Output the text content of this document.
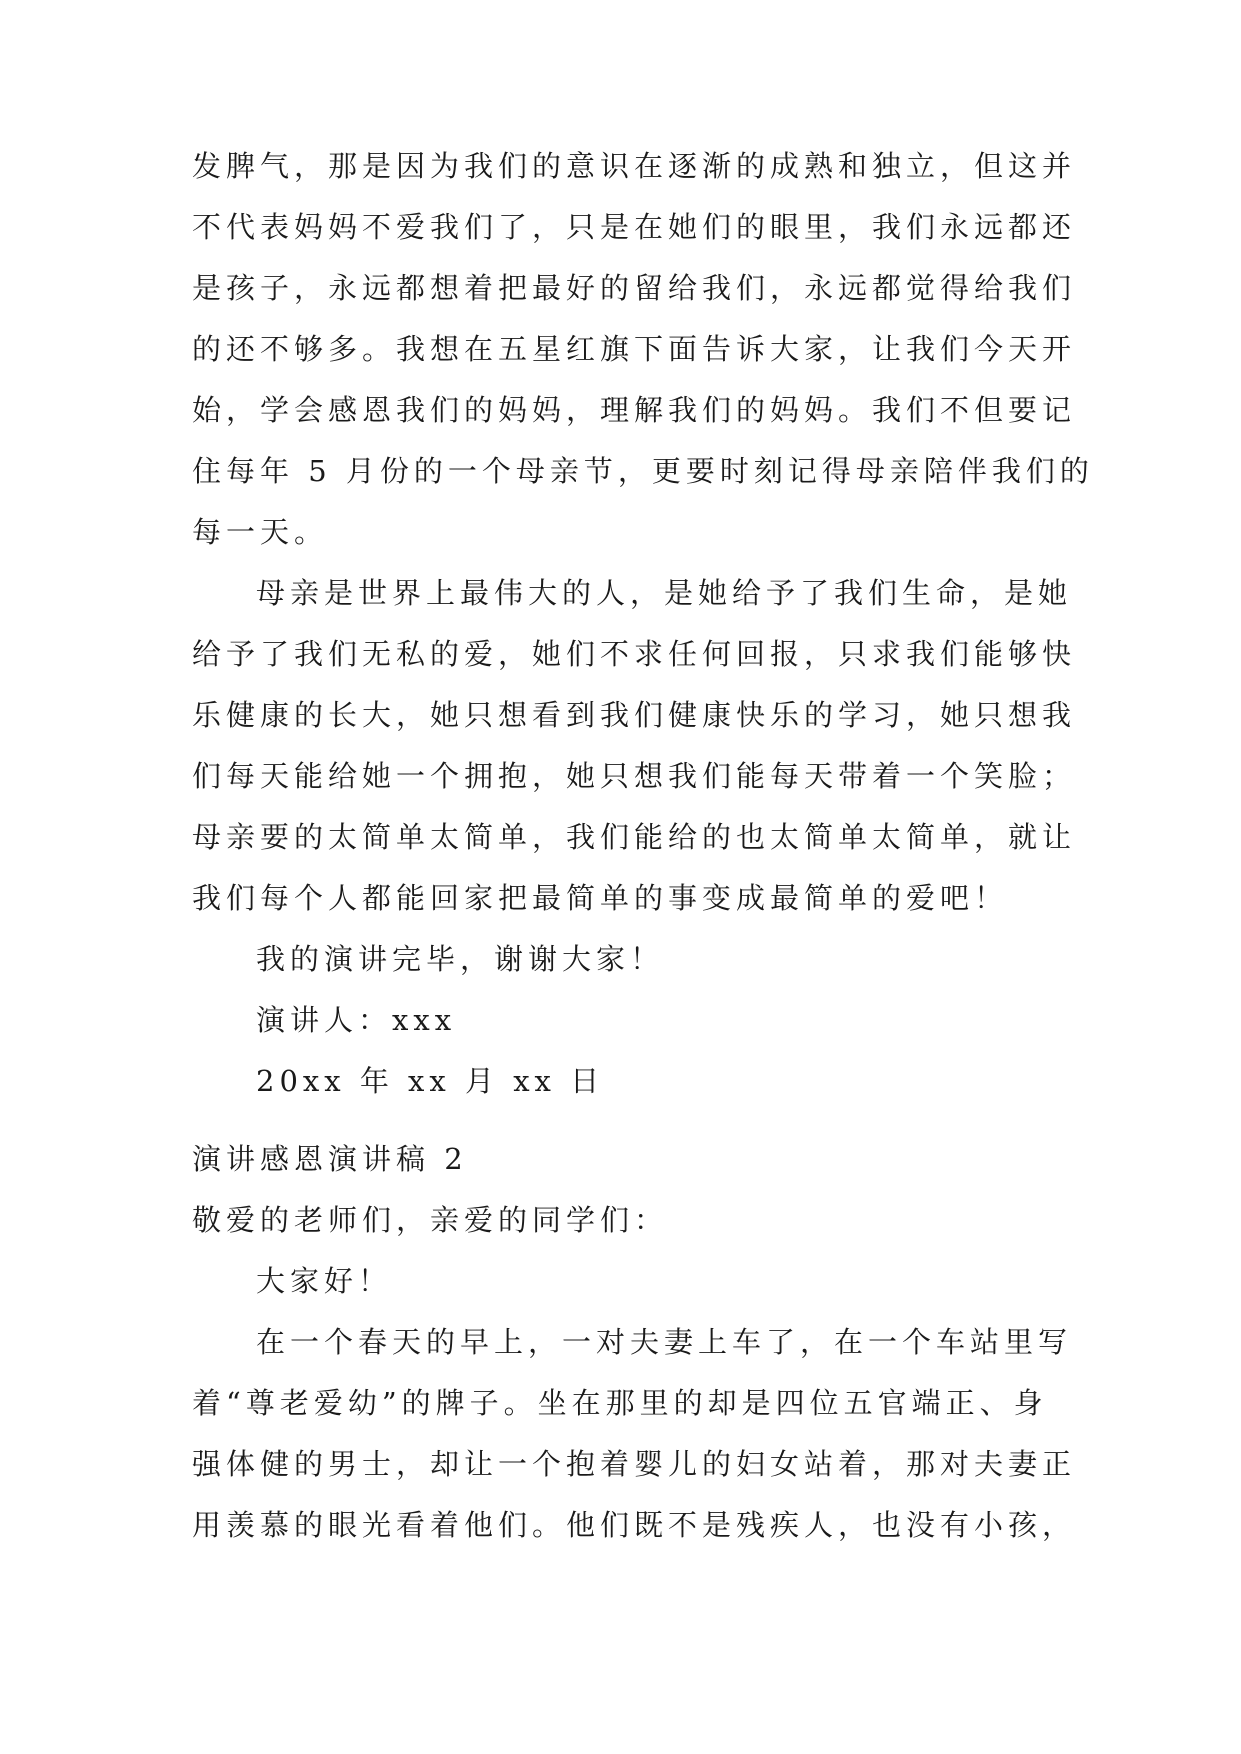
发脾气，那是因为我们的意识在逐渐的成熟和独立，但这并
不代表妈妈不爱我们了，只是在她们的眼里，我们永远都还
是孩子，永远都想着把最好的留给我们，永远都觉得给我们
的还不够多。我想在五星红旗下面告诉大家，让我们今天开
始，学会感恩我们的妈妈，理解我们的妈妈。我们不但要记
住每年 5 月份的一个母亲节，更要时刻记得母亲陪伴我们的
每一天。
母亲是世界上最伟大的人，是她给予了我们生命，是她
给予了我们无私的爱，她们不求任何回报，只求我们能够快
乐健康的长大，她只想看到我们健康快乐的学习，她只想我
们每天能给她一个拥抱，她只想我们能每天带着一个笑脸；
母亲要的太简单太简单，我们能给的也太简单太简单，就让
我们每个人都能回家把最简单的事变成最简单的爱吧！
我的演讲完毕，谢谢大家！
演讲人：xxx
20xx 年 xx 月 xx 日
演讲感恩演讲稿 2
敬爱的老师们，亲爱的同学们：
大家好！
在一个春天的早上，一对夫妻上车了，在一个车站里写
着“尊老爱幼”的牌子。坐在那里的却是四位五官端正、身
强体健的男士，却让一个抱着婴儿的妇女站着，那对夫妻正
用羡慕的眼光看着他们。他们既不是残疾人，也没有小孩，
